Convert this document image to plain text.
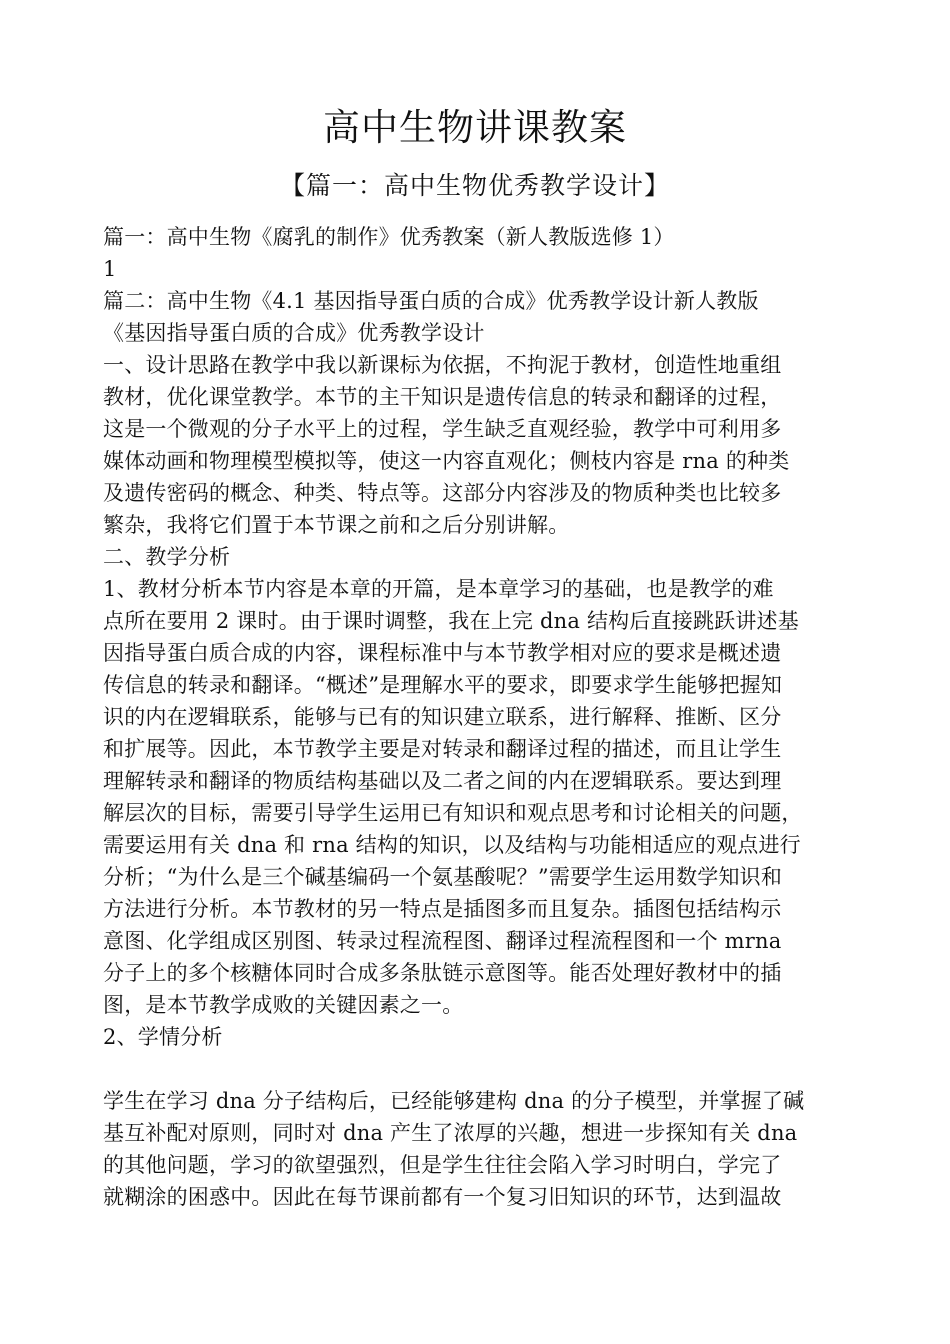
高中生物讲课教案
【篇一：高中生物优秀教学设计】
篇一：高中生物《腐乳的制作》优秀教案（新人教版选修 1）
1
篇二：高中生物《4.1 基因指导蛋白质的合成》优秀教学设计新人教版
《基因指导蛋白质的合成》优秀教学设计
一、设计思路在教学中我以新课标为依据，不拘泥于教材，创造性地重组
教材，优化课堂教学。本节的主干知识是遗传信息的转录和翻译的过程，
这是一个微观的分子水平上的过程，学生缺乏直观经验，教学中可利用多
媒体动画和物理模型模拟等，使这一内容直观化；侧枝内容是 rna 的种类
及遗传密码的概念、种类、特点等。这部分内容涉及的物质种类也比较多
繁杂，我将它们置于本节课之前和之后分别讲解。
二、教学分析
1、教材分析本节内容是本章的开篇，是本章学习的基础，也是教学的难
点所在要用 2 课时。由于课时调整，我在上完 dna 结构后直接跳跃讲述基
因指导蛋白质合成的内容，课程标准中与本节教学相对应的要求是概述遗
传信息的转录和翻译。“概述”是理解水平的要求，即要求学生能够把握知
识的内在逻辑联系，能够与已有的知识建立联系，进行解释、推断、区分
和扩展等。因此，本节教学主要是对转录和翻译过程的描述，而且让学生
理解转录和翻译的物质结构基础以及二者之间的内在逻辑联系。要达到理
解层次的目标，需要引导学生运用已有知识和观点思考和讨论相关的问题，
需要运用有关 dna 和 rna 结构的知识，以及结构与功能相适应的观点进行
分析；“为什么是三个碱基编码一个氨基酸呢？”需要学生运用数学知识和
方法进行分析。本节教材的另一特点是插图多而且复杂。插图包括结构示
意图、化学组成区别图、转录过程流程图、翻译过程流程图和一个 mrna
分子上的多个核糖体同时合成多条肽链示意图等。能否处理好教材中的插
图，是本节教学成败的关键因素之一。
2、学情分析
学生在学习 dna 分子结构后，已经能够建构 dna 的分子模型，并掌握了碱
基互补配对原则，同时对 dna 产生了浓厚的兴趣，想进一步探知有关 dna
的其他问题，学习的欲望强烈，但是学生往往会陷入学习时明白，学完了
就糊涂的困惑中。因此在每节课前都有一个复习旧知识的环节，达到温故
